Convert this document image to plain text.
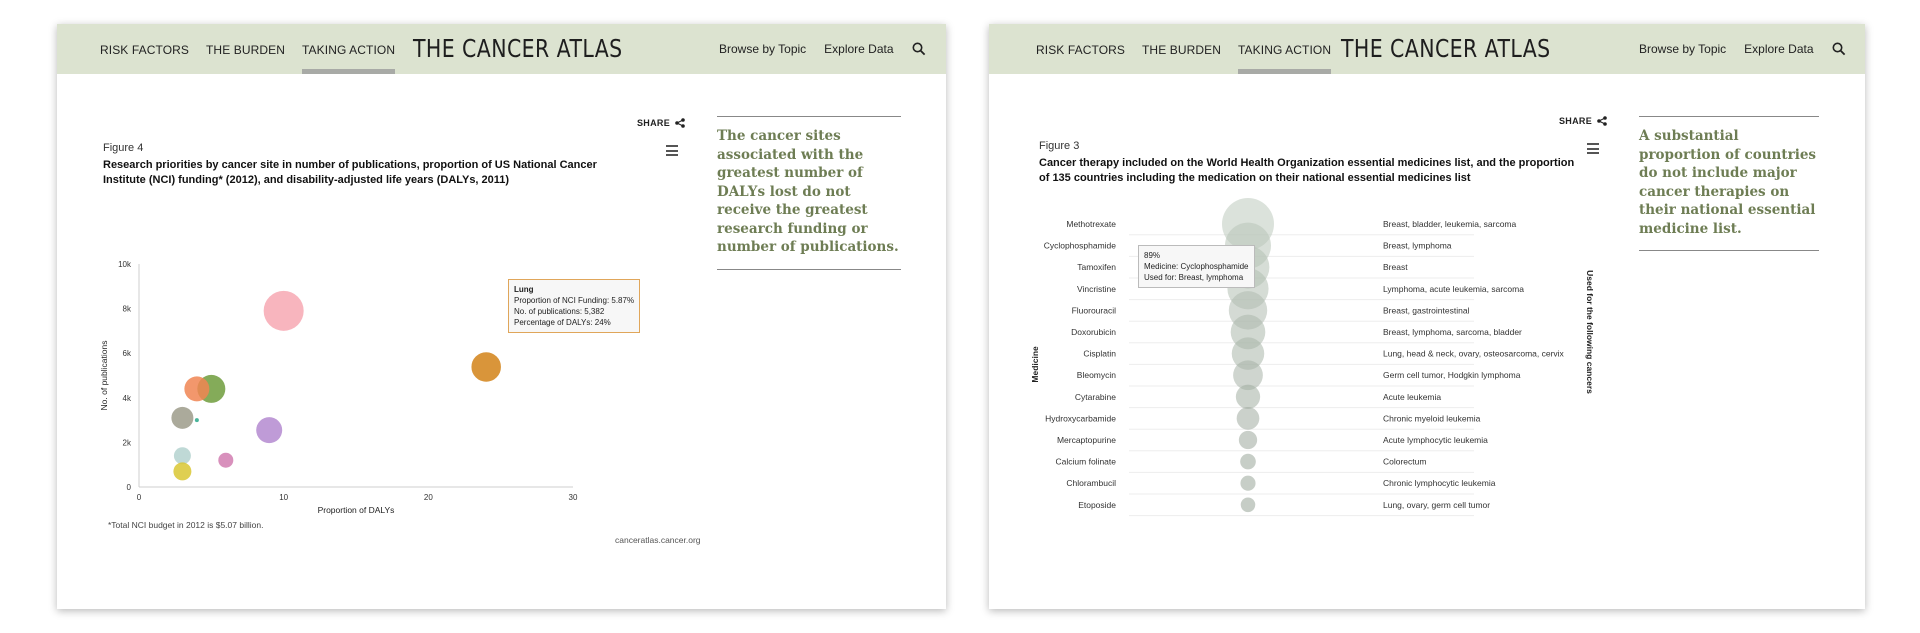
RISK FACTORS THE BURDEN TAKING ACTION THE CANCER ATLAS	Browse by Topic Explore Data
SHARE
Figure 4
Research priorities by cancer site in number of publications, proportion of US National Cancer Institute (NCI) funding* (2012), and disability-adjusted life years (DALYs, 2011)
0
2k
4k
6k
8k
10k
0	10	20	30
Proportion of DALYs
No. of publications
Lung
Proportion of NCI Funding: 5.87%
No. of publications: 5,382
Percentage of DALYs: 24%
*Total NCI budget in 2012 is $5.07 billion.
canceratlas.cancer.org
The cancer sites associated with the greatest number of DALYs lost do not receive the greatest research funding or number of publications.
RISK FACTORS THE BURDEN TAKING ACTION THE CANCER ATLAS	Browse by Topic Explore Data
SHARE
Figure 3
Cancer therapy included on the World Health Organization essential medicines list, and the proportion of 135 countries including the medication on their national essential medicines list
Methotrexate	Breast, bladder, leukemia, sarcoma
Cyclophosphamide	Breast, lymphoma
Tamoxifen	Breast
Vincristine	Lymphoma, acute leukemia, sarcoma
Fluorouracil	Breast, gastrointestinal
Doxorubicin	Breast, lymphoma, sarcoma, bladder
Cisplatin	Lung, head & neck, ovary, osteosarcoma, cervix
Bleomycin	Germ cell tumor, Hodgkin lymphoma
Cytarabine	Acute leukemia
Hydroxycarbamide	Chronic myeloid leukemia
Mercaptopurine	Acute lymphocytic leukemia
Calcium folinate	Colorectum
Chlorambucil	Chronic lymphocytic leukemia
Etoposide	Lung, ovary, germ cell tumor
Medicine	Used for the following cancers
89%
Medicine: Cyclophosphamide
Used for: Breast, lymphoma
A substantial proportion of countries do not include major cancer therapies on their national essential medicine list.
